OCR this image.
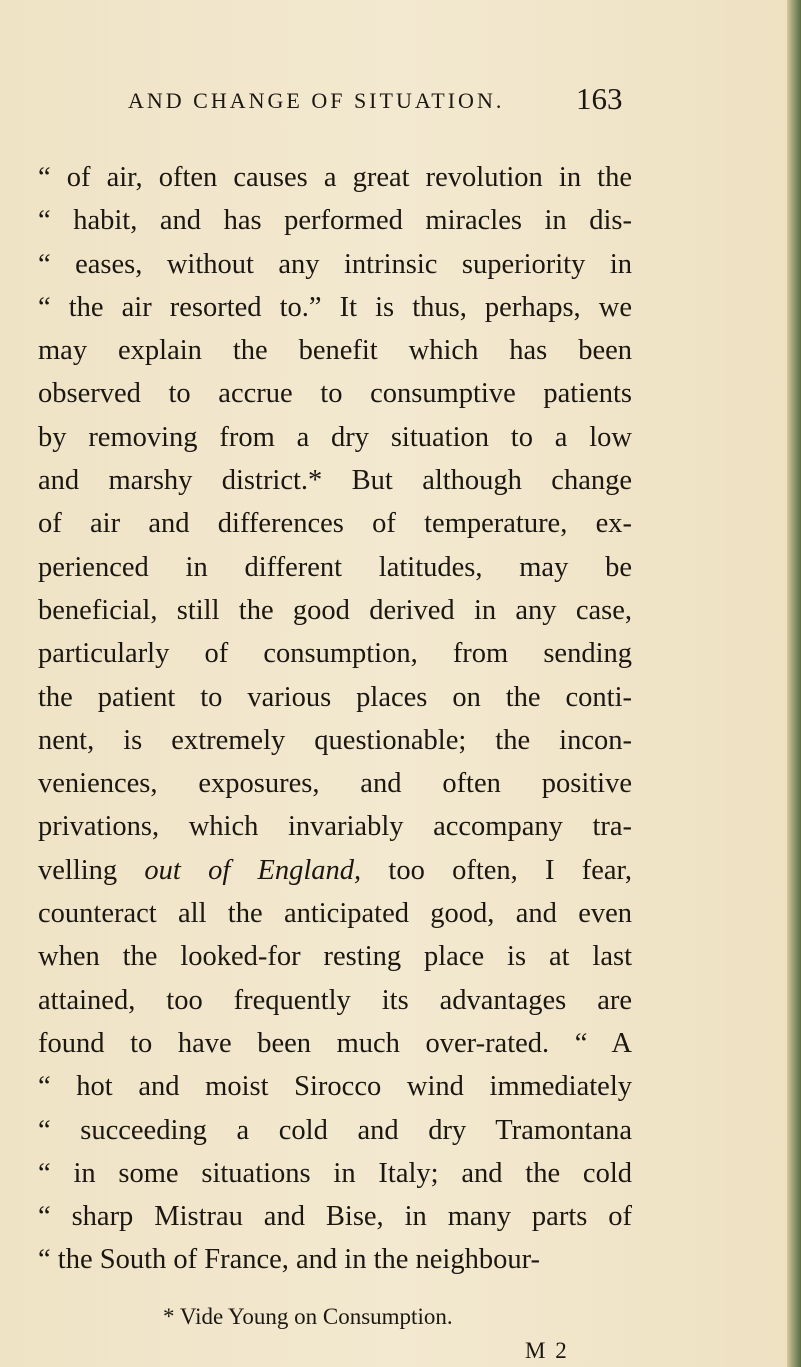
AND CHANGE OF SITUATION. 163
“ of air, often causes a great revolution in the
“ habit, and has performed miracles in dis-
“ eases, without any intrinsic superiority in
“ the air resorted to.” It is thus, perhaps, we
may explain the benefit which has been
observed to accrue to consumptive patients
by removing from a dry situation to a low
and marshy district.* But although change
of air and differences of temperature, ex-
perienced in different latitudes, may be
beneficial, still the good derived in any case,
particularly of consumption, from sending
the patient to various places on the conti-
nent, is extremely questionable; the incon-
veniences, exposures, and often positive
privations, which invariably accompany tra-
velling out of England, too often, I fear,
counteract all the anticipated good, and even
when the looked-for resting place is at last
attained, too frequently its advantages are
found to have been much over-rated. “ A
“ hot and moist Sirocco wind immediately
“ succeeding a cold and dry Tramontana
“ in some situations in Italy; and the cold
“ sharp Mistrau and Bise, in many parts of
“ the South of France, and in the neighbour-
* Vide Young on Consumption.
M 2
